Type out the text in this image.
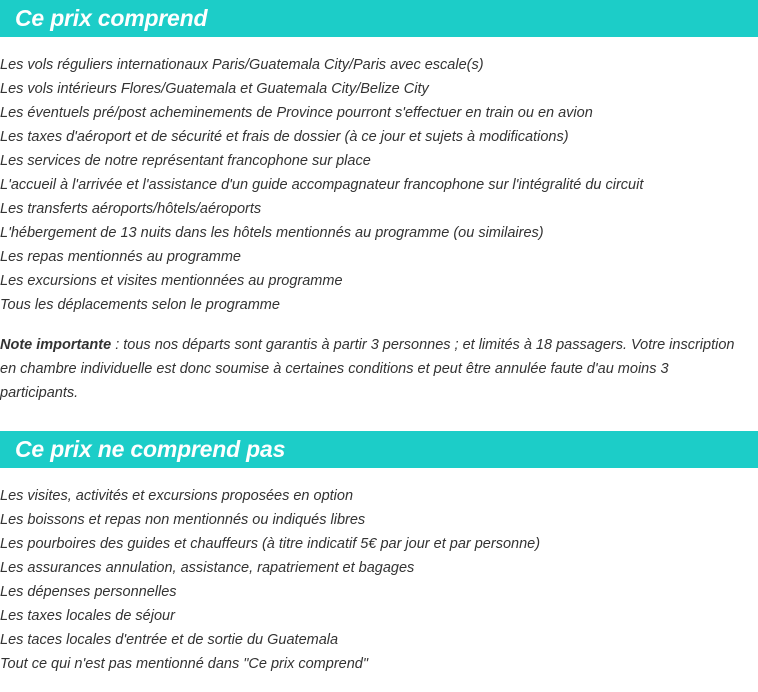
Ce prix comprend
Les vols réguliers internationaux Paris/Guatemala City/Paris avec escale(s)
Les vols intérieurs Flores/Guatemala et Guatemala City/Belize City
Les éventuels pré/post acheminements de Province pourront s'effectuer en train ou en avion
Les taxes d'aéroport et de sécurité et frais de dossier (à ce jour et sujets à modifications)
Les services de notre représentant francophone sur place
L'accueil à l'arrivée et l'assistance d'un guide accompagnateur francophone sur l'intégralité du circuit
Les transferts aéroports/hôtels/aéroports
L'hébergement de 13 nuits dans les hôtels mentionnés au programme (ou similaires)
Les repas mentionnés au programme
Les excursions et visites mentionnées au programme
Tous les déplacements selon le programme

Note importante : tous nos départs sont garantis à partir 3 personnes ; et limités à 18 passagers. Votre inscription en chambre individuelle est donc soumise à certaines conditions et peut être annulée faute d'au moins 3 participants.

Ce prix ne comprend pas
Les visites, activités et excursions proposées en option
Les boissons et repas non mentionnés ou indiqués libres
Les pourboires des guides et chauffeurs (à titre indicatif 5€ par jour et par personne)
Les assurances annulation, assistance, rapatriement et bagages
Les dépenses personnelles
Les taxes locales de séjour
Les taces locales d'entrée et de sortie du Guatemala
Tout ce qui n'est pas mentionné dans "Ce prix comprend"
